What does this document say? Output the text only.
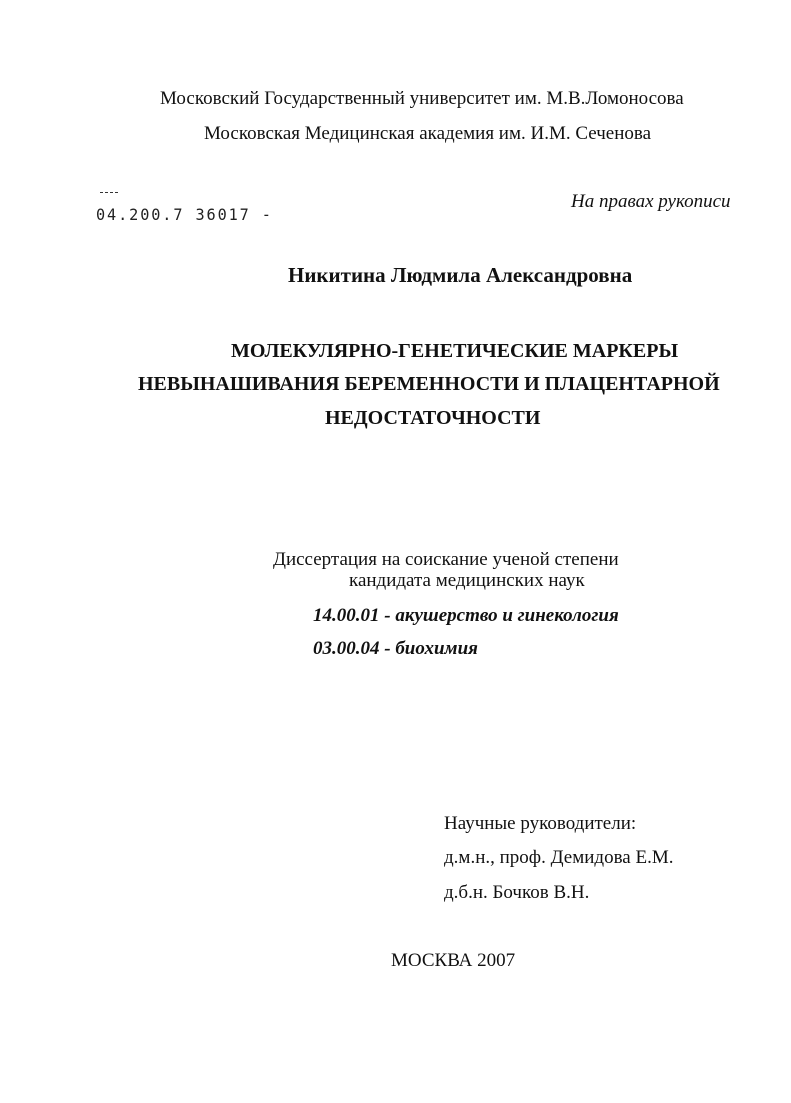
Московский Государственный университет им. М.В.Ломоносова
Московская Медицинская академия им. И.М. Сеченова
04.200.7 36017 -
На правах рукописи
Никитина Людмила Александровна
МОЛЕКУЛЯРНО-ГЕНЕТИЧЕСКИЕ МАРКЕРЫ
НЕВЫНАШИВАНИЯ БЕРЕМЕННОСТИ И ПЛАЦЕНТАРНОЙ
НЕДОСТАТОЧНОСТИ
Диссертация на соискание ученой степени
кандидата медицинских наук
14.00.01 - акушерство и гинекология
03.00.04 - биохимия
Научные руководители:
д.м.н., проф. Демидова Е.М.
д.б.н. Бочков В.Н.
МОСКВА 2007
